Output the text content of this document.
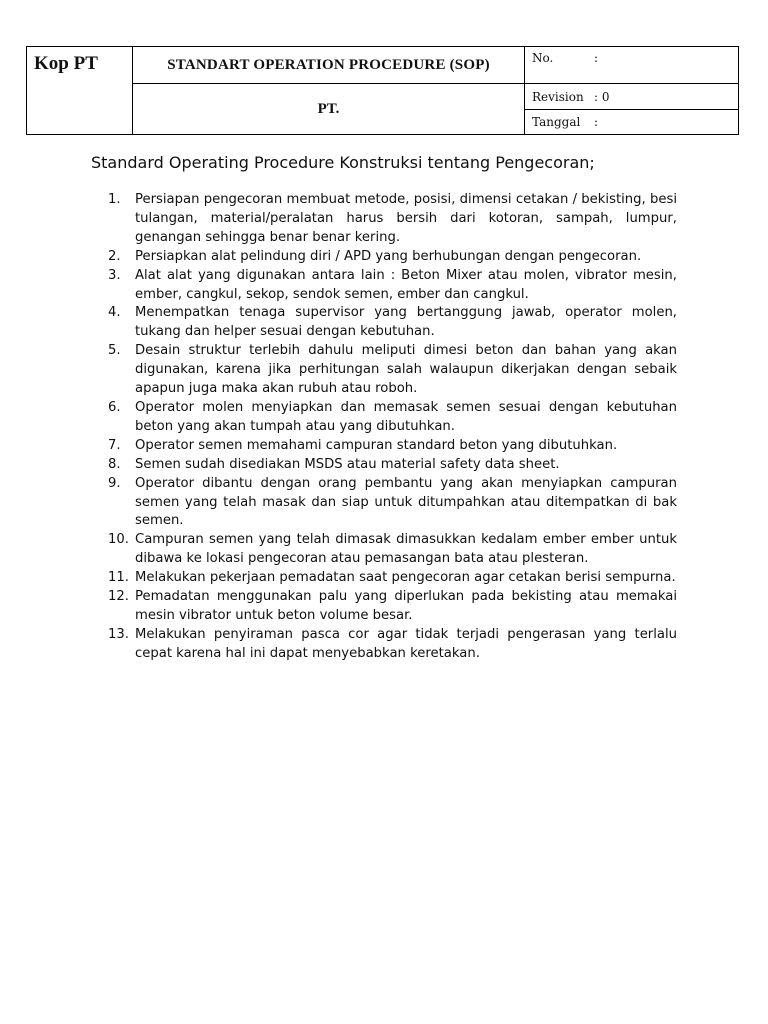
Kop PT	STANDART OPERATION PROCEDURE (SOP)	No. :
	PT.	Revision : 0
		Tanggal :
Standard Operating Procedure Konstruksi tentang Pengecoran;
1. Persiapan pengecoran membuat metode, posisi, dimensi cetakan / bekisting, besi tulangan, material/peralatan harus bersih dari kotoran, sampah, lumpur, genangan sehingga benar benar kering.
2. Persiapkan alat pelindung diri / APD yang berhubungan dengan pengecoran.
3. Alat alat yang digunakan antara lain : Beton Mixer atau molen, vibrator mesin, ember, cangkul, sekop, sendok semen, ember dan cangkul.
4. Menempatkan tenaga supervisor yang bertanggung jawab, operator molen, tukang dan helper sesuai dengan kebutuhan.
5. Desain struktur terlebih dahulu meliputi dimesi beton dan bahan yang akan digunakan, karena jika perhitungan salah walaupun dikerjakan dengan sebaik apapun juga maka akan rubuh atau roboh.
6. Operator molen menyiapkan dan memasak semen sesuai dengan kebutuhan beton yang akan tumpah atau yang dibutuhkan.
7. Operator semen memahami campuran standard beton yang dibutuhkan.
8. Semen sudah disediakan MSDS atau material safety data sheet.
9. Operator dibantu dengan orang pembantu yang akan menyiapkan campuran semen yang telah masak dan siap untuk ditumpahkan atau ditempatkan di bak semen.
10. Campuran semen yang telah dimasak dimasukkan kedalam ember ember untuk dibawa ke lokasi pengecoran atau pemasangan bata atau plesteran.
11. Melakukan pekerjaan pemadatan saat pengecoran agar cetakan berisi sempurna.
12. Pemadatan menggunakan palu yang diperlukan pada bekisting atau memakai mesin vibrator untuk beton volume besar.
13. Melakukan penyiraman pasca cor agar tidak terjadi pengerasan yang terlalu cepat karena hal ini dapat menyebabkan keretakan.
